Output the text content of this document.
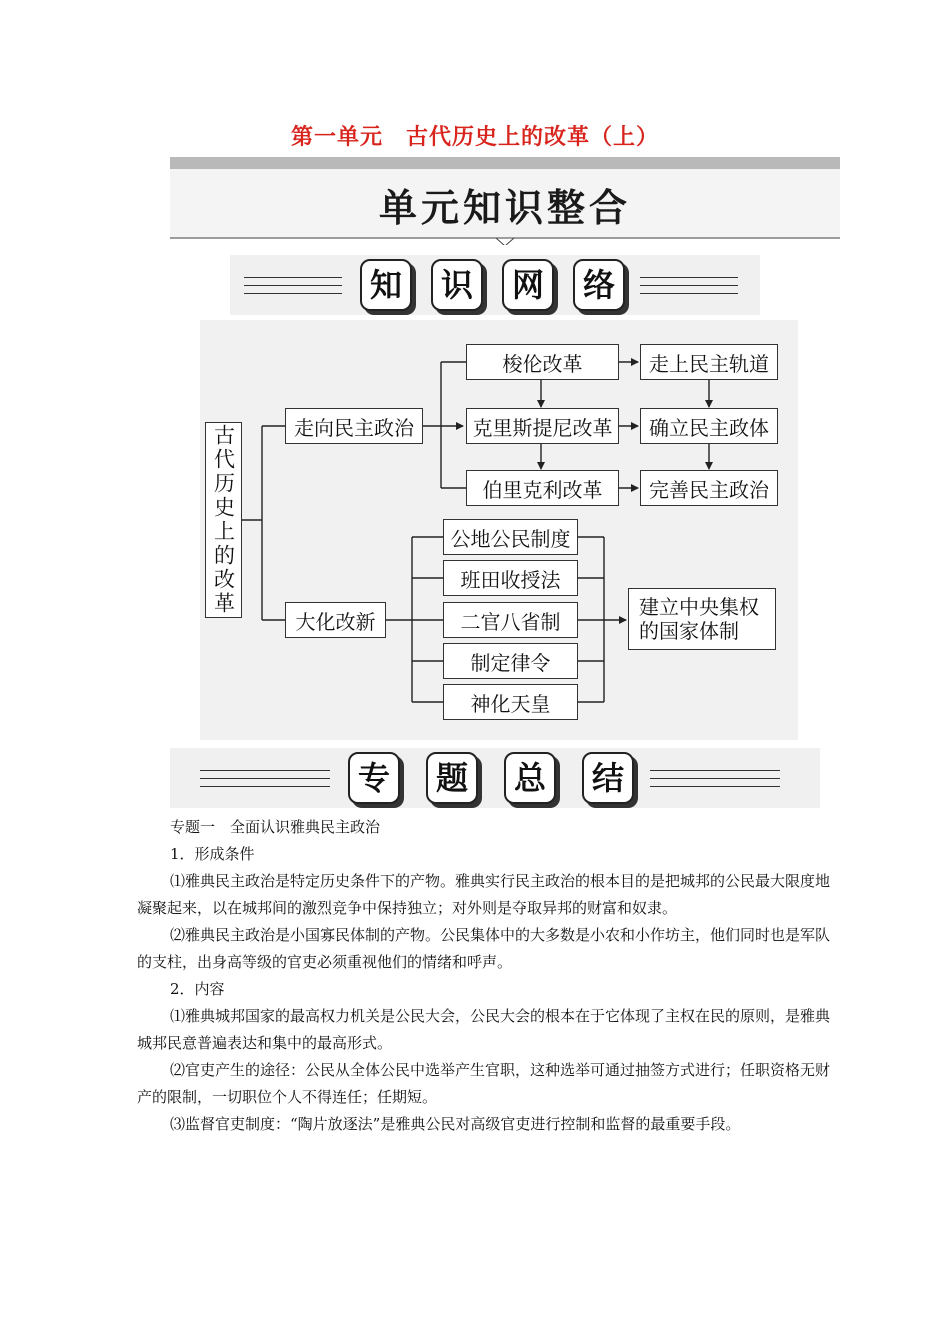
第一单元　古代历史上的改革（上）
单元知识整合
知	识	网	络
古代历史上的改革	走向民主政治
梭伦改革
克里斯提尼改革
伯里克利改革
走上民主轨道
确立民主政体
完善民主政治
大化改新
公地公民制度
班田收授法
二官八省制
制定律令
神化天皇
建立中央集权的国家体制
专	题	总	结

专题一　全面认识雅典民主政治

1．形成条件

⑴雅典民主政治是特定历史条件下的产物。雅典实行民主政治的根本目的是把城邦的公民最大限度地凝聚起来，以在城邦间的激烈竞争中保持独立；对外则是夺取异邦的财富和奴隶。

⑵雅典民主政治是小国寡民体制的产物。公民集体中的大多数是小农和小作坊主，他们同时也是军队的支柱，出身高等级的官吏必须重视他们的情绪和呼声。

2．内容

⑴雅典城邦国家的最高权力机关是公民大会，公民大会的根本在于它体现了主权在民的原则，是雅典城邦民意普遍表达和集中的最高形式。

⑵官吏产生的途径：公民从全体公民中选举产生官职，这种选举可通过抽签方式进行；任职资格无财产的限制，一切职位个人不得连任；任期短。

⑶监督官吏制度：“陶片放逐法”是雅典公民对高级官吏进行控制和监督的最重要手段。
